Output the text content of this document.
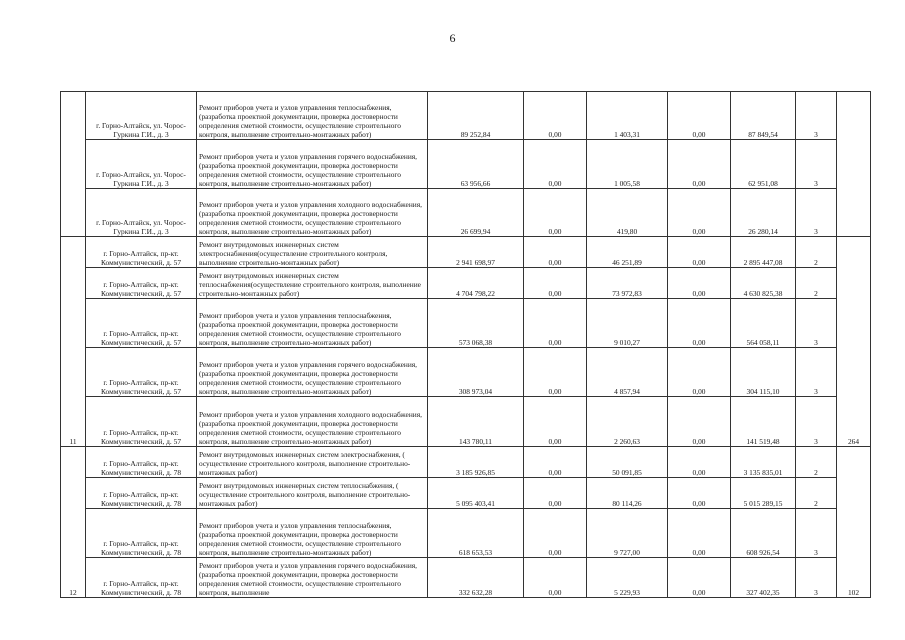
6
	г. Горно-Алтайск, ул. Чорос-Гуркина Г.И., д. 3	Ремонт приборов учета и узлов управления теплоснабжения, (разработка проектной документации, проверка достоверности определения сметной стоимости, осуществление строительного контроля, выполнение строительно-монтажных работ)	89 252,84	0,00	1 403,31	0,00	87 849,54	3	
	г. Горно-Алтайск, ул. Чорос-Гуркина Г.И., д. 3	Ремонт приборов учета и узлов управления горячего водоснабжения, (разработка проектной документации, проверка достоверности определения сметной стоимости, осуществление строительного контроля, выполнение строительно-монтажных работ)	63 956,66	0,00	1 005,58	0,00	62 951,08	3	
	г. Горно-Алтайск, ул. Чорос-Гуркина Г.И., д. 3	Ремонт приборов учета и узлов управления холодного водоснабжения, (разработка проектной документации, проверка достоверности определения сметной стоимости, осуществление строительного контроля, выполнение строительно-монтажных работ)	26 699,94	0,00	419,80	0,00	26 280,14	3	
11	г. Горно-Алтайск, пр-кт. Коммунистический, д. 57	Ремонт внутридомовых инженерных систем электроснабжения(осуществление строительного контроля, выполнение строительно-монтажных работ)	2 941 698,97	0,00	46 251,89	0,00	2 895 447,08	2	264
	г. Горно-Алтайск, пр-кт. Коммунистический, д. 57	Ремонт внутридомовых инженерных систем теплоснабжения(осуществление строительного контроля, выполнение строительно-монтажных работ)	4 704 798,22	0,00	73 972,83	0,00	4 630 825,38	2	
	г. Горно-Алтайск, пр-кт. Коммунистический, д. 57	Ремонт приборов учета и узлов управления теплоснабжения, (разработка проектной документации, проверка достоверности определения сметной стоимости, осуществление строительного контроля, выполнение строительно-монтажных работ)	573 068,38	0,00	9 010,27	0,00	564 058,11	3	
	г. Горно-Алтайск, пр-кт. Коммунистический, д. 57	Ремонт приборов учета и узлов управления горячего водоснабжения, (разработка проектной документации, проверка достоверности определения сметной стоимости, осуществление строительного контроля, выполнение строительно-монтажных работ)	308 973,04	0,00	4 857,94	0,00	304 115,10	3	
	г. Горно-Алтайск, пр-кт. Коммунистический, д. 57	Ремонт приборов учета и узлов управления холодного водоснабжения, (разработка проектной документации, проверка достоверности определения сметной стоимости, осуществление строительного контроля, выполнение строительно-монтажных работ)	143 780,11	0,00	2 260,63	0,00	141 519,48	3	
12	г. Горно-Алтайск, пр-кт. Коммунистический, д. 78	Ремонт внутридомовых инженерных систем электроснабжения, ( осуществление строительного контроля, выполнение строительно-монтажных работ)	3 185 926,85	0,00	50 091,85	0,00	3 135 835,01	2	102
	г. Горно-Алтайск, пр-кт. Коммунистический, д. 78	Ремонт внутридомовых инженерных систем теплоснабжения, ( осуществление строительного контроля, выполнение строительно-монтажных работ)	5 095 403,41	0,00	80 114,26	0,00	5 015 289,15	2	
	г. Горно-Алтайск, пр-кт. Коммунистический, д. 78	Ремонт приборов учета и узлов управления теплоснабжения, (разработка проектной документации, проверка достоверности определения сметной стоимости, осуществление строительного контроля, выполнение строительно-монтажных работ)	618 653,53	0,00	9 727,00	0,00	608 926,54	3	
	г. Горно-Алтайск, пр-кт. Коммунистический, д. 78	Ремонт приборов учета и узлов управления горячего водоснабжения, (разработка проектной документации, проверка достоверности определения сметной стоимости, осуществление строительного контроля, выполнение	332 632,28	0,00	5 229,93	0,00	327 402,35	3	
